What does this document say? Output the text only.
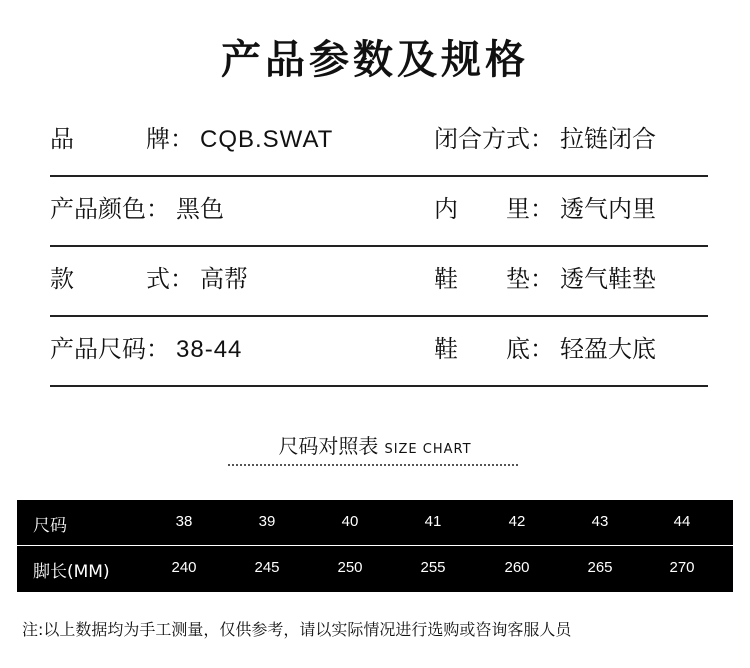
产品参数及规格
品	牌 ： CQB.SWAT	闭合方式： 拉链闭合
产品颜色： 黑色	内 里 ： 透气内里
款	式 ： 高帮	鞋 垫 ： 透气鞋垫
产品尺码： 38-44	鞋 底 ： 轻盈大底
尺码对照表 SIZE CHART
尺码	38	39	40	41	42	43	44
脚长(MM)	240	245	250	255	260	265	270
注:以上数据均为手工测量，仅供参考，请以实际情况进行选购或咨询客服人员
